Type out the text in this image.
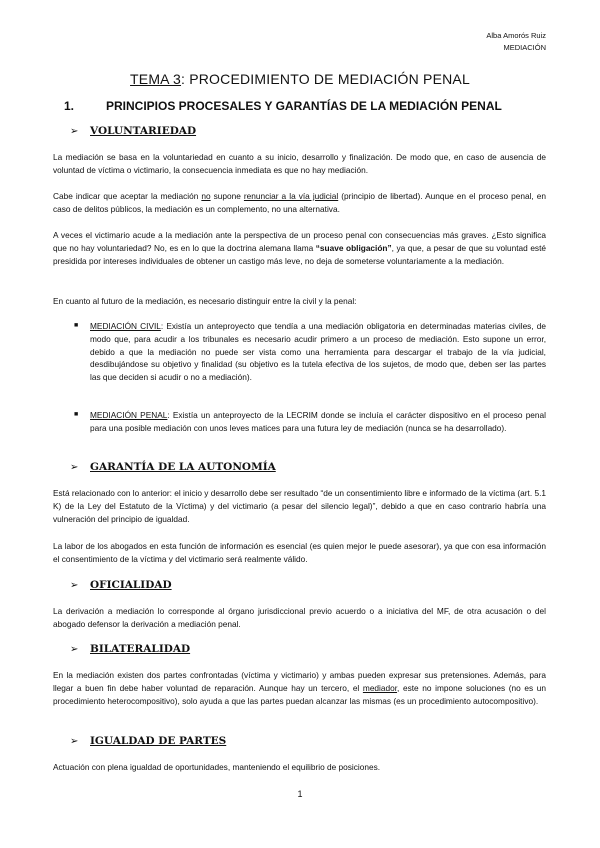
Alba Amorós Ruiz
MEDIACIÓN
TEMA 3: PROCEDIMIENTO DE MEDIACIÓN PENAL
1.	PRINCIPIOS PROCESALES Y GARANTÍAS DE LA MEDIACIÓN PENAL
➢ VOLUNTARIEDAD

La mediación se basa en la voluntariedad en cuanto a su inicio, desarrollo y finalización. De modo que, en caso de ausencia de voluntad de víctima o victimario, la consecuencia inmediata es que no hay mediación.

Cabe indicar que aceptar la mediación no supone renunciar a la vía judicial (principio de libertad). Aunque en el proceso penal, en caso de delitos públicos, la mediación es un complemento, no una alternativa.

A veces el victimario acude a la mediación ante la perspectiva de un proceso penal con consecuencias más graves. ¿Esto significa que no hay voluntariedad? No, es en lo que la doctrina alemana llama “suave obligación”, ya que, a pesar de que su voluntad esté presidida por intereses individuales de obtener un castigo más leve, no deja de someterse voluntariamente a la mediación.

En cuanto al futuro de la mediación, es necesario distinguir entre la civil y la penal:

■ MEDIACIÓN CIVIL: Existía un anteproyecto que tendía a una mediación obligatoria en determinadas materias civiles, de modo que, para acudir a los tribunales es necesario acudir primero a un proceso de mediación. Esto supone un error, debido a que la mediación no puede ser vista como una herramienta para descargar el trabajo de la vía judicial, desdibujándose su objetivo y finalidad (su objetivo es la tutela efectiva de los sujetos, de modo que, deben ser las partes las que deciden si acudir o no a mediación).

■ MEDIACIÓN PENAL: Existía un anteproyecto de la LECRIM donde se incluía el carácter dispositivo en el proceso penal para una posible mediación con unos leves matices para una futura ley de mediación (nunca se ha desarrollado).

➢ GARANTÍA DE LA AUTONOMÍA

Está relacionado con lo anterior: el inicio y desarrollo debe ser resultado “de un consentimiento libre e informado de la víctima (art. 5.1 K) de la Ley del Estatuto de la Víctima) y del victimario (a pesar del silencio legal)”, debido a que en caso contrario habría una vulneración del principio de igualdad.

La labor de los abogados en esta función de información es esencial (es quien mejor le puede asesorar), ya que con esa información el consentimiento de la víctima y del victimario será realmente válido.

➢ OFICIALIDAD

La derivación a mediación lo corresponde al órgano jurisdiccional previo acuerdo o a iniciativa del MF, de otra acusación o del abogado defensor la derivación a mediación penal.

➢ BILATERALIDAD

En la mediación existen dos partes confrontadas (víctima y victimario) y ambas pueden expresar sus pretensiones. Además, para llegar a buen fin debe haber voluntad de reparación. Aunque hay un tercero, el mediador, este no impone soluciones (no es un procedimiento heterocompositivo), solo ayuda a que las partes puedan alcanzar las mismas (es un procedimiento autocompositivo).

➢ IGUALDAD DE PARTES

Actuación con plena igualdad de oportunidades, manteniendo el equilibrio de posiciones.

1
